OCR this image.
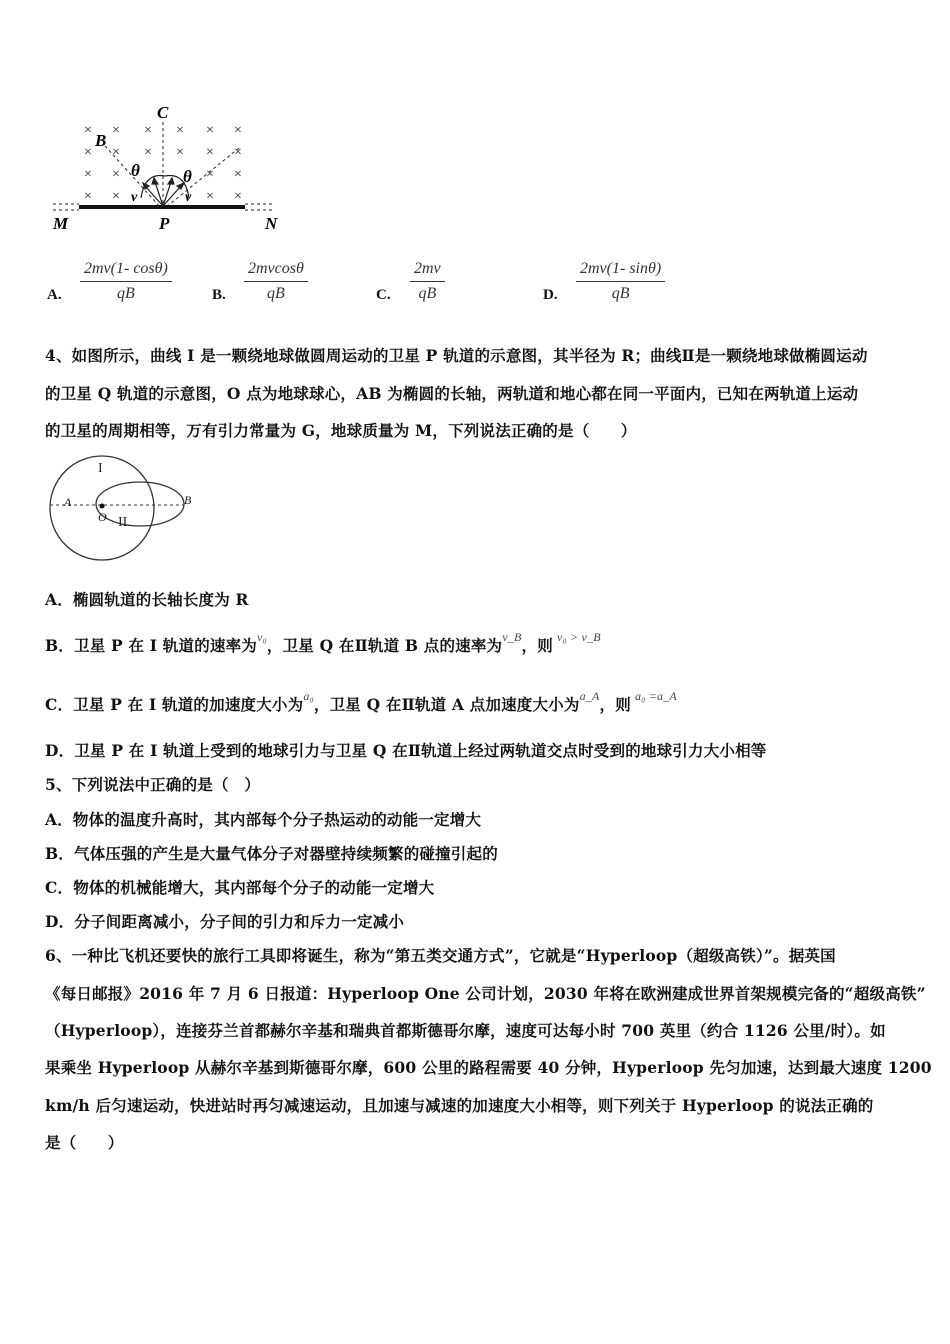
× × × × × ×
× × × × × ×
× ×	× ×
× ×	× ×
C
B
θ	θ
v	v
M	P	N
A. $\frac{2mv(1- \cos\theta)}{qB}$	B. $\frac{2mvcos\theta}{qB}$	C. $\frac{2mv}{qB}$	D. $\frac{2mv(1- \sin\theta)}{qB}$
4、如图所示，曲线 I 是一颗绕地球做圆周运动的卫星 P 轨道的示意图，其半径为 R；曲线Ⅱ是一颗绕地球做椭圆运动
的卫星 Q 轨道的示意图，O 点为地球球心，AB 为椭圆的长轴，两轨道和地心都在同一平面内，已知在两轨道上运动
的卫星的周期相等，万有引力常量为 G，地球质量为 M，下列说法正确的是（　　）
I
II
A	B
O
A．椭圆轨道的长轴长度为 R
B．卫星 P 在 I 轨道的速率为$^{v_0}$，卫星 Q 在Ⅱ轨道 B 点的速率为$^{v\_B}$，则 $^{v_0 > v\_B}$
C．卫星 P 在 I 轨道的加速度大小为$^{a_0}$，卫星 Q 在Ⅱ轨道 A 点加速度大小为$^{a\_A}$，则 $^{a_0 =a\_A}$
D．卫星 P 在 I 轨道上受到的地球引力与卫星 Q 在Ⅱ轨道上经过两轨道交点时受到的地球引力大小相等
5、下列说法中正确的是（　）
A．物体的温度升高时，其内部每个分子热运动的动能一定增大
B．气体压强的产生是大量气体分子对器壁持续频繁的碰撞引起的
C．物体的机械能增大，其内部每个分子的动能一定增大
D．分子间距离减小，分子间的引力和斥力一定减小
6、一种比飞机还要快的旅行工具即将诞生，称为“第五类交通方式”，它就是“Hyperloop（超级高铁）”。据英国
《每日邮报》2016 年 7 月 6 日报道：Hyperloop One 公司计划，2030 年将在欧洲建成世界首架规模完备的“超级高铁”
（Hyperloop），连接芬兰首都赫尔辛基和瑞典首都斯德哥尔摩，速度可达每小时 700 英里（约合 1126 公里/时）。如
果乘坐 Hyperloop 从赫尔辛基到斯德哥尔摩，600 公里的路程需要 40 分钟，Hyperloop 先匀加速，达到最大速度 1200
km/h 后匀速运动，快进站时再匀减速运动，且加速与减速的加速度大小相等，则下列关于 Hyperloop 的说法正确的
是（　　）
